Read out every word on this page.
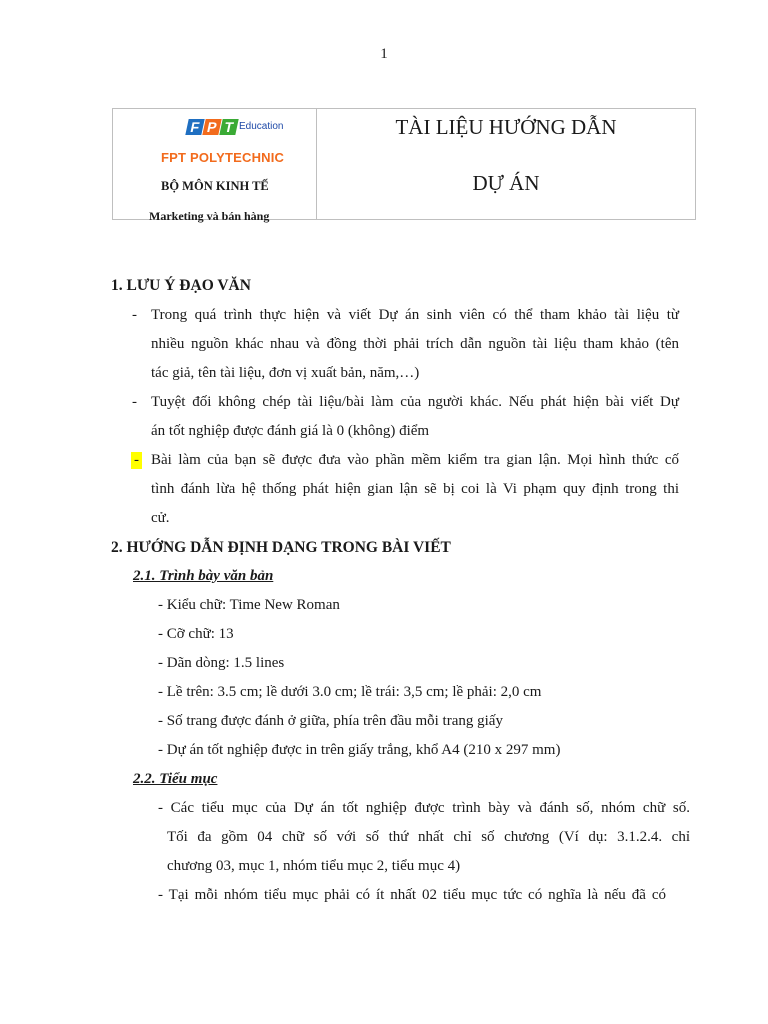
1
F P T Education
FPT POLYTECHNIC
BỘ MÔN KINH TẾ
Marketing và bán hàng
TÀI LIỆU HƯỚNG DẪN
DỰ ÁN
1. LƯU Ý ĐẠO VĂN
- Trong quá trình thực hiện và viết Dự án sinh viên có thể tham khảo tài liệu từ
nhiều nguồn khác nhau và đồng thời phải trích dẫn nguồn tài liệu tham khảo (tên
tác giả, tên tài liệu, đơn vị xuất bản, năm,…)
- Tuyệt đối không chép tài liệu/bài làm của người khác. Nếu phát hiện bài viết Dự
án tốt nghiệp được đánh giá là 0 (không) điểm
- Bài làm của bạn sẽ được đưa vào phần mềm kiểm tra gian lận. Mọi hình thức cố
tình đánh lừa hệ thống phát hiện gian lận sẽ bị coi là Vi phạm quy định trong thi
cử.
2. HƯỚNG DẪN ĐỊNH DẠNG TRONG BÀI VIẾT
2.1. Trình bày văn bản
- Kiểu chữ: Time New Roman
- Cỡ chữ: 13
- Dãn dòng: 1.5 lines
- Lề trên: 3.5 cm; lề dưới 3.0 cm; lề trái: 3,5 cm; lề phải: 2,0 cm
- Số trang được đánh ở giữa, phía trên đầu mỗi trang giấy
- Dự án tốt nghiệp được in trên giấy trắng, khổ A4 (210 x 297 mm)
2.2. Tiểu mục
- Các tiểu mục của Dự án tốt nghiệp được trình bày và đánh số, nhóm chữ số.
Tối đa gồm 04 chữ số với số thứ nhất chỉ số chương (Ví dụ: 3.1.2.4. chỉ
chương 03, mục 1, nhóm tiểu mục 2, tiểu mục 4)
- Tại mỗi nhóm tiểu mục phải có ít nhất 02 tiểu mục tức có nghĩa là nếu đã có
